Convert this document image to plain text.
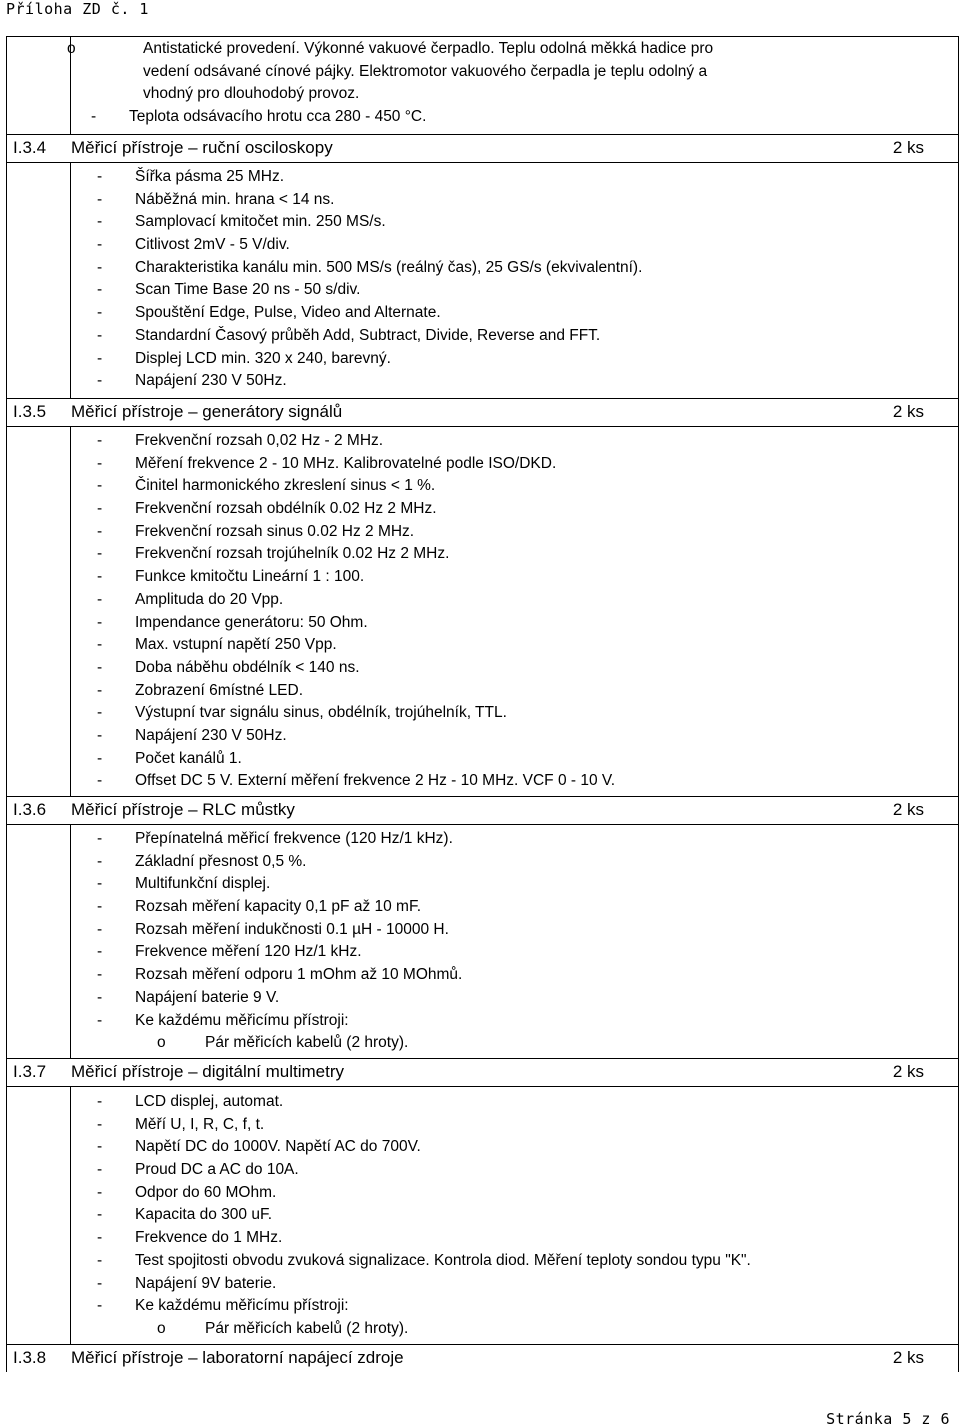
Příloha ZD č. 1
o	Antistatické provedení. Výkonné vakuové čerpadlo. Teplu odolná měkká hadice pro
vedení odsávané cínové pájky. Elektromotor vakuového čerpadla je teplu odolný a
vhodný pro dlouhodobý provoz.
- Teplota odsávacího hrotu cca 280 - 450 °C.
I.3.4 Měřicí přístroje – ruční osciloskopy	2 ks
- Šířka pásma 25 MHz.
- Náběžná min. hrana < 14 ns.
- Samplovací kmitočet min. 250 MS/s.
- Citlivost 2mV - 5 V/div.
- Charakteristika kanálu min. 500 MS/s (reálný čas), 25 GS/s (ekvivalentní).
- Scan Time Base 20 ns - 50 s/div.
- Spouštění Edge, Pulse, Video and Alternate.
- Standardní Časový průběh Add, Subtract, Divide, Reverse and FFT.
- Displej LCD min. 320 x 240, barevný.
- Napájení 230 V 50Hz.
I.3.5 Měřicí přístroje – generátory signálů	2 ks
- Frekvenční rozsah 0,02 Hz - 2 MHz.
- Měření frekvence 2 - 10 MHz. Kalibrovatelné podle ISO/DKD.
- Činitel harmonického zkreslení sinus < 1 %.
- Frekvenční rozsah obdélník 0.02 Hz 2 MHz.
- Frekvenční rozsah sinus 0.02 Hz 2 MHz.
- Frekvenční rozsah trojúhelník 0.02 Hz 2 MHz.
- Funkce kmitočtu Lineární 1 : 100.
- Amplituda do 20 Vpp.
- Impendance generátoru: 50 Ohm.
- Max. vstupní napětí 250 Vpp.
- Doba náběhu obdélník < 140 ns.
- Zobrazení 6místné LED.
- Výstupní tvar signálu sinus, obdélník, trojúhelník, TTL.
- Napájení 230 V 50Hz.
- Počet kanálů 1.
- Offset DC 5 V. Externí měření frekvence 2 Hz - 10 MHz. VCF 0 - 10 V.
I.3.6 Měřicí přístroje – RLC můstky	2 ks
- Přepínatelná měřicí frekvence (120 Hz/1 kHz).
- Základní přesnost 0,5 %.
- Multifunkční displej.
- Rozsah měření kapacity 0,1 pF až 10 mF.
- Rozsah měření indukčnosti 0.1 µH - 10000 H.
- Frekvence měření 120 Hz/1 kHz.
- Rozsah měření odporu 1 mOhm až 10 MOhmů.
- Napájení baterie 9 V.
- Ke každému měřicímu přístroji:
o	Pár měřicích kabelů (2 hroty).
I.3.7 Měřicí přístroje – digitální multimetry	2 ks
- LCD displej, automat.
- Měří U, I, R, C, f, t.
- Napětí DC do 1000V. Napětí AC do 700V.
- Proud DC a AC do 10A.
- Odpor do 60 MOhm.
- Kapacita do 300 uF.
- Frekvence do 1 MHz.
- Test spojitosti obvodu zvuková signalizace. Kontrola diod. Měření teploty sondou typu "K".
- Napájení 9V baterie.
- Ke každému měřicímu přístroji:
o	Pár měřicích kabelů (2 hroty).
I.3.8 Měřicí přístroje – laboratorní napájecí zdroje	2 ks
Stránka 5 z 6
